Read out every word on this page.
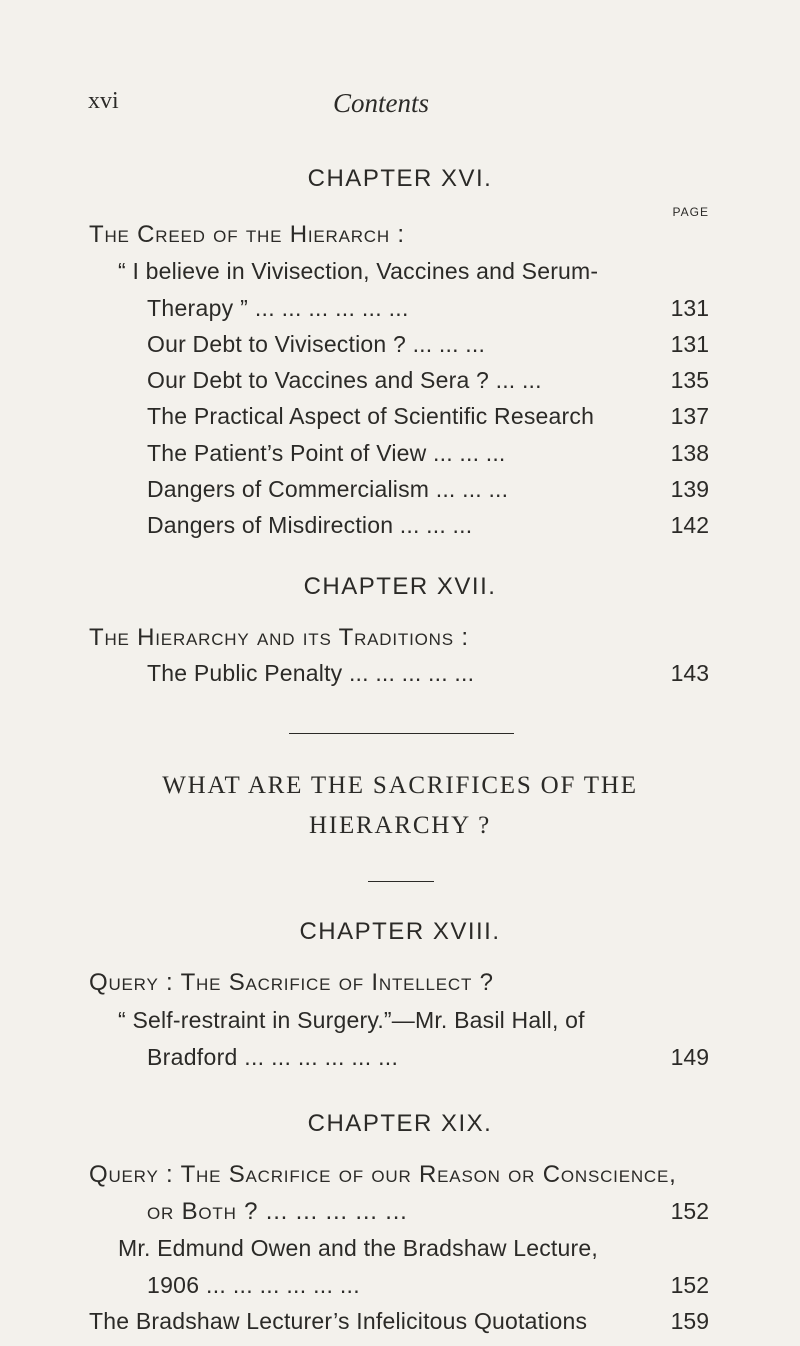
xvi	Contents
CHAPTER XVI.
PAGE
The Creed of the Hierarch :
“ I believe in Vivisection, Vaccines and Serum-
Therapy ” ... ... ... ... ... ...	131
Our Debt to Vivisection ? ... ... ...	131
Our Debt to Vaccines and Sera ? ... ...	135
The Practical Aspect of Scientific Research	137
The Patient’s Point of View ... ... ...	138
Dangers of Commercialism ... ... ...	139
Dangers of Misdirection ... ... ...	142
CHAPTER XVII.
The Hierarchy and its Traditions :
The Public Penalty ... ... ... ... ...	143
WHAT ARE THE SACRIFICES OF THE
HIERARCHY ?
CHAPTER XVIII.
Query : The Sacrifice of Intellect ?
“ Self-restraint in Surgery.”—Mr. Basil Hall, of
Bradford ... ... ... ... ... ...	149
CHAPTER XIX.
Query : The Sacrifice of our Reason or Conscience,
or Both ? ... ... ... ... ...	152
Mr. Edmund Owen and the Bradshaw Lecture,
1906 ... ... ... ... ... ...	152
The Bradshaw Lecturer’s Infelicitous Quotations	159
